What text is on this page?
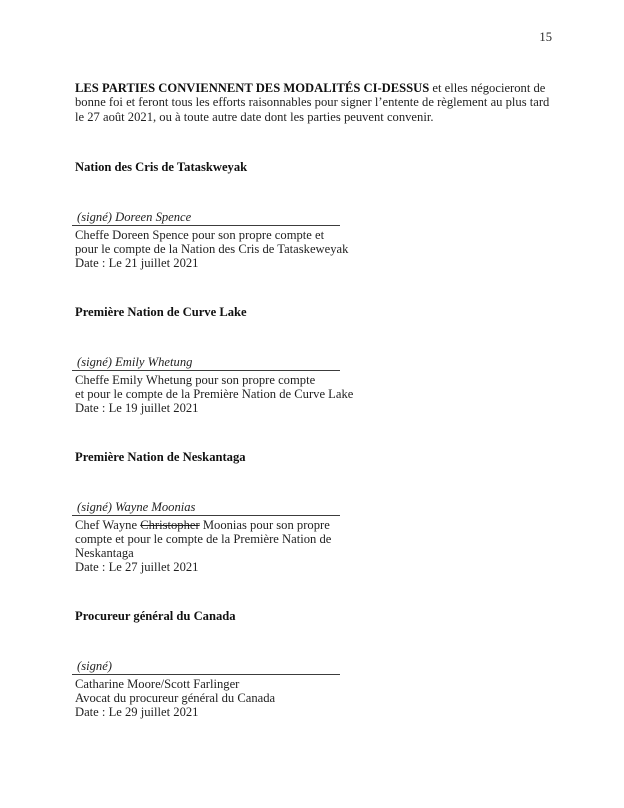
15

LES PARTIES CONVIENNENT DES MODALITÉS CI-DESSUS et elles négocieront de bonne foi et feront tous les efforts raisonnables pour signer l’entente de règlement au plus tard le 27 août 2021, ou à toute autre date dont les parties peuvent convenir.

Nation des Cris de Tataskweyak
(signé) Doreen Spence
Cheffe Doreen Spence pour son propre compte et
pour le compte de la Nation des Cris de Tataskeweyak
Date : Le 21 juillet 2021
Première Nation de Curve Lake
(signé) Emily Whetung
Cheffe Emily Whetung pour son propre compte
et pour le compte de la Première Nation de Curve Lake
Date : Le 19 juillet 2021
Première Nation de Neskantaga
(signé) Wayne Moonias
Chef Wayne Christopher Moonias pour son propre
compte et pour le compte de la Première Nation de
Neskantaga
Date : Le 27 juillet 2021
Procureur général du Canada
(signé)
Catharine Moore/Scott Farlinger
Avocat du procureur général du Canada
Date : Le 29 juillet 2021
